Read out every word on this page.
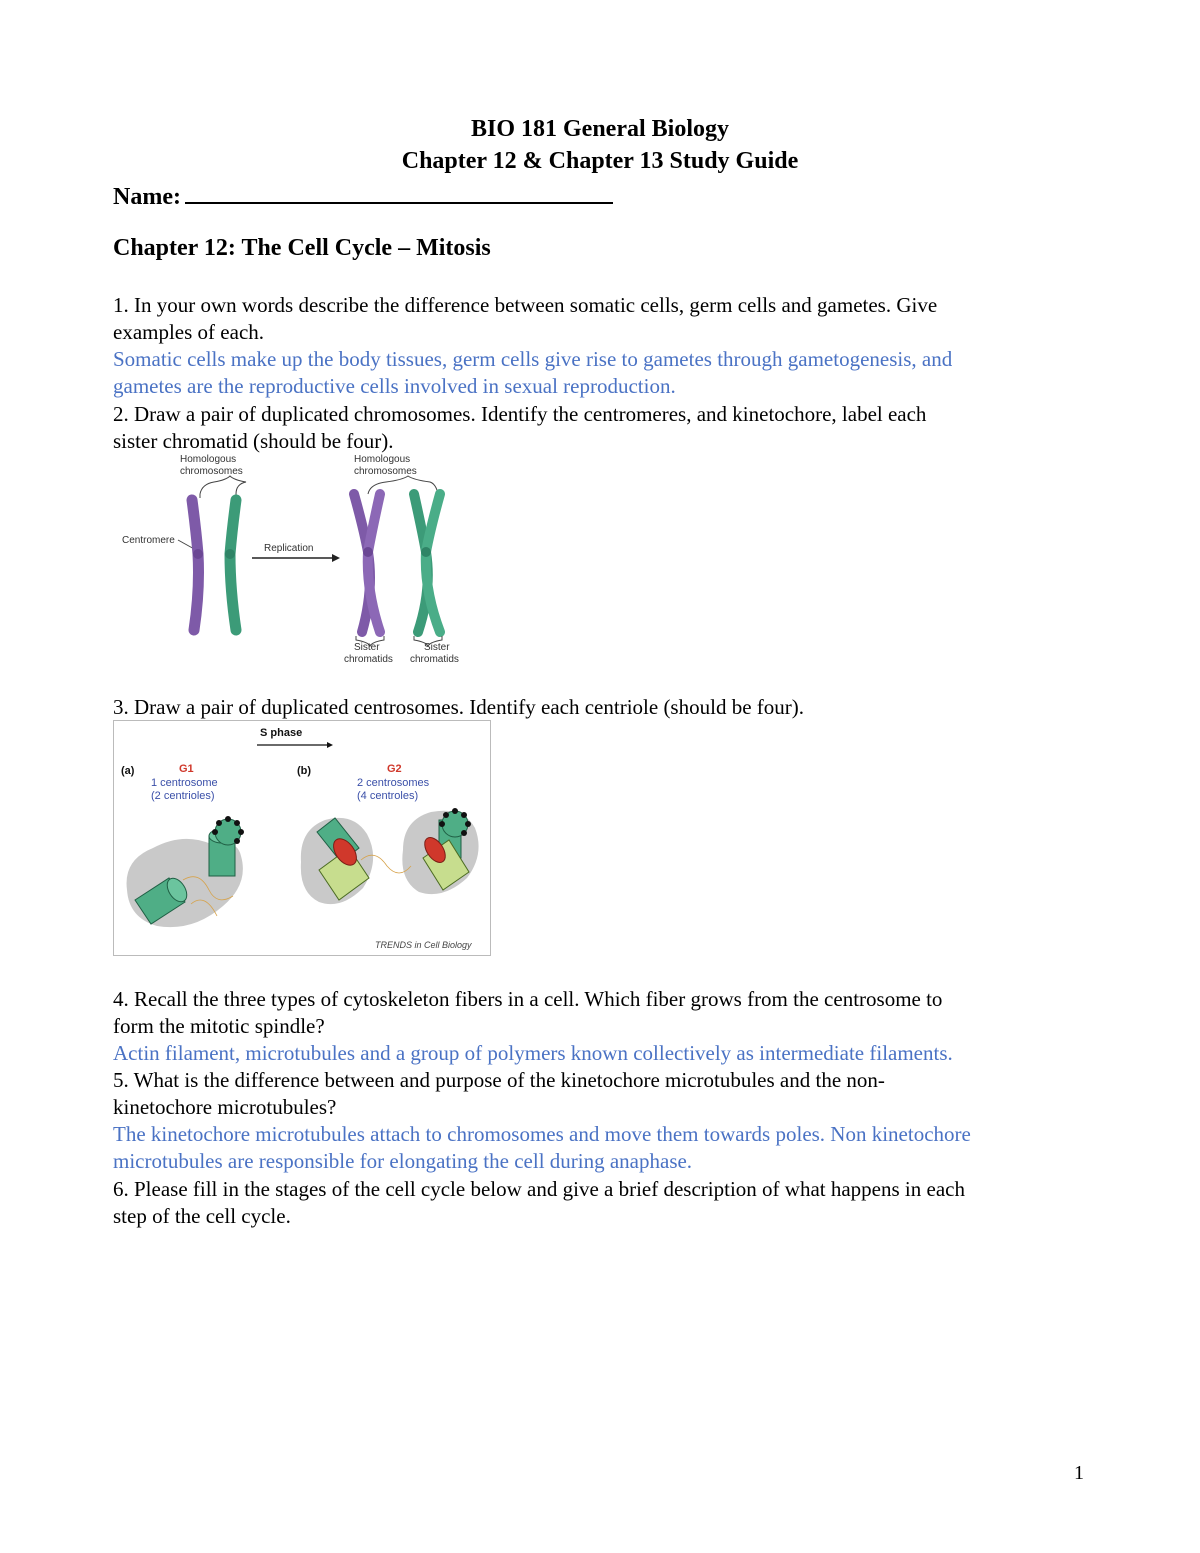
BIO 181 General Biology
Chapter 12 & Chapter 13 Study Guide
Name:
Chapter 12: The Cell Cycle – Mitosis
1. In your own words describe the difference between somatic cells, germ cells and gametes. Give
examples of each.
Somatic cells make up the body tissues, germ cells give rise to gametes through gametogenesis, and
gametes are the reproductive cells involved in sexual reproduction.
2. Draw a pair of duplicated chromosomes. Identify the centromeres, and kinetochore, label each
sister chromatid (should be four).
Homologous
chromosomes
Homologous
chromosomes
Centromere
Replication
Sister
chromatids
Sister
chromatids
3. Draw a pair of duplicated centrosomes. Identify each centriole (should be four).
S phase
(a)	G1
1 centrosome
(2 centrioles)
(b)	G2
2 centrosomes
(4 centroles)
TRENDS in Cell Biology
4. Recall the three types of cytoskeleton fibers in a cell. Which fiber grows from the centrosome to
form the mitotic spindle?
Actin filament, microtubules and a group of polymers known collectively as intermediate filaments.
5. What is the difference between and purpose of the kinetochore microtubules and the non-
kinetochore microtubules?
The kinetochore microtubules attach to chromosomes and move them towards poles. Non kinetochore
microtubules are responsible for elongating the cell during anaphase.
6. Please fill in the stages of the cell cycle below and give a brief description of what happens in each
step of the cell cycle.
1
